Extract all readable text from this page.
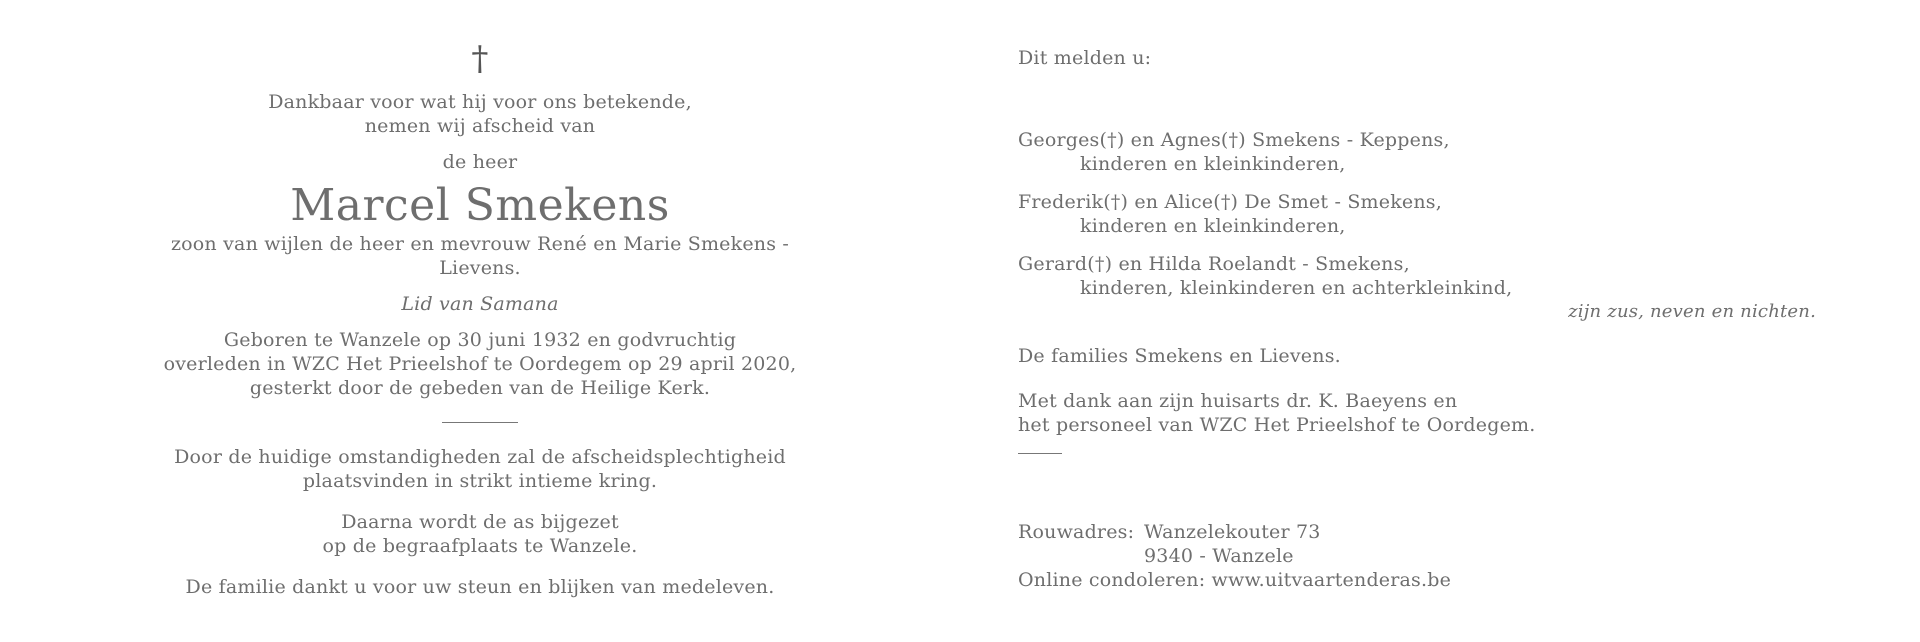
†

Dankbaar voor wat hij voor ons betekende,

nemen wij afscheid van

de heer

Marcel Smekens

zoon van wijlen de heer en mevrouw René en Marie Smekens - Lievens.

Lid van Samana

Geboren te Wanzele op 30 juni 1932 en godvruchtig

overleden in WZC Het Prieelshof te Oordegem op 29 april 2020,

gesterkt door de gebeden van de Heilige Kerk.

Door de huidige omstandigheden zal de afscheidsplechtigheid

plaatsvinden in strikt intieme kring.

Daarna wordt de as bijgezet

op de begraafplaats te Wanzele.

De familie dankt u voor uw steun en blijken van medeleven.

Dit melden u:

Georges(†) en Agnes(†) Smekens - Keppens,

kinderen en kleinkinderen,

Frederik(†) en Alice(†) De Smet - Smekens,

kinderen en kleinkinderen,

Gerard(†) en Hilda Roelandt - Smekens,

kinderen, kleinkinderen en achterkleinkind,

zijn zus, neven en nichten.

De families Smekens en Lievens.

Met dank aan zijn huisarts dr. K. Baeyens en

het personeel van WZC Het Prieelshof te Oordegem.

Rouwadres: Wanzelekouter 73

9340 - Wanzele

Online condoleren: www.uitvaartenderas.be
